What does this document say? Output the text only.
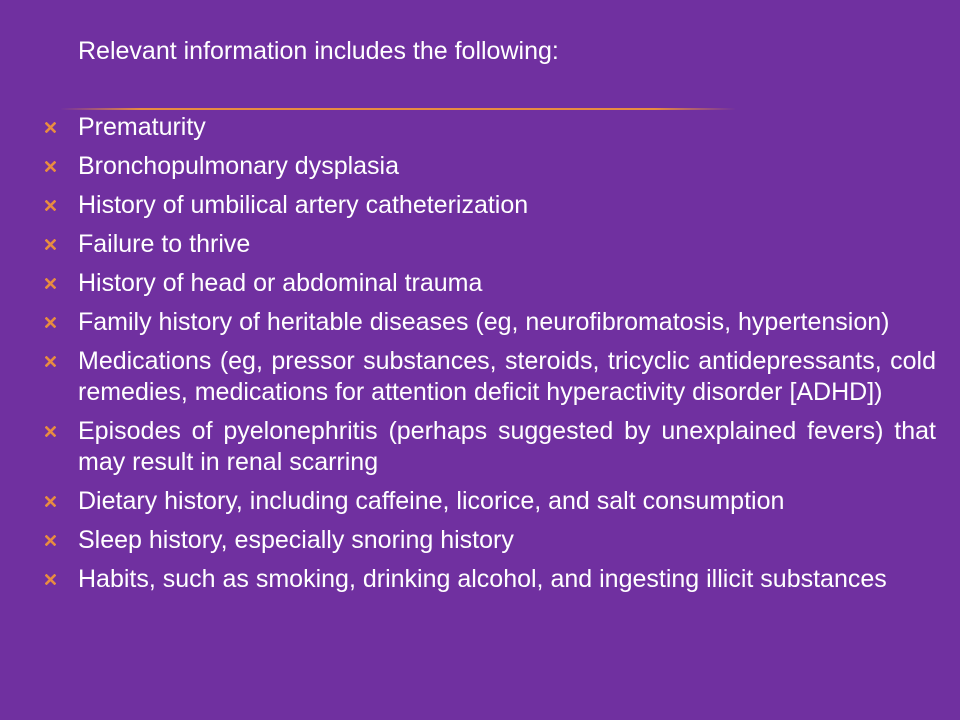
Relevant information includes the following:
Prematurity
Bronchopulmonary dysplasia
History of umbilical artery catheterization
Failure to thrive
History of head or abdominal trauma
Family history of heritable diseases (eg, neurofibromatosis, hypertension)
Medications (eg, pressor substances, steroids, tricyclic antidepressants, cold remedies, medications for attention deficit hyperactivity disorder [ADHD])
Episodes of pyelonephritis (perhaps suggested by unexplained fevers) that may result in renal scarring
Dietary history, including caffeine, licorice, and salt consumption
Sleep history, especially snoring history
Habits, such as smoking, drinking alcohol, and ingesting illicit substances
